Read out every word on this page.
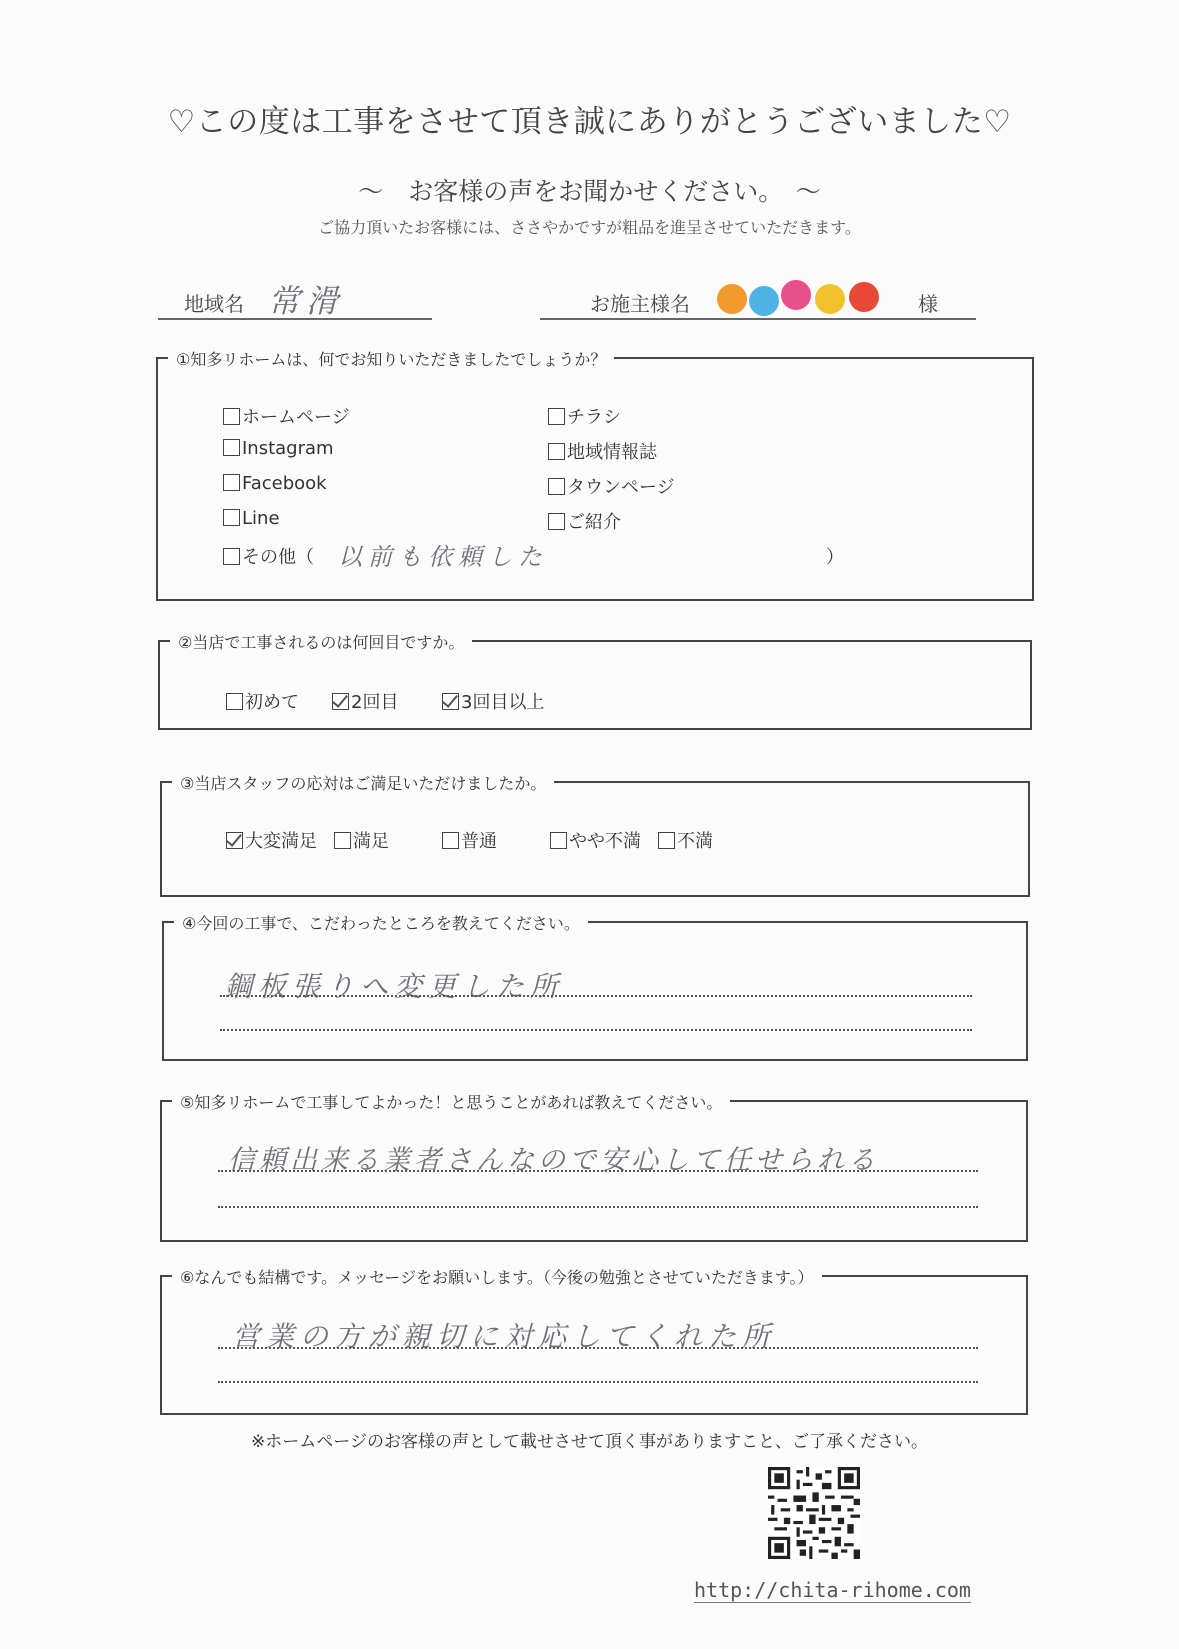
♡この度は工事をさせて頂き誠にありがとうございました♡
～　お客様の声をお聞かせください。　～
ご協力頂いたお客様には、ささやかですが粗品を進呈させていただきます。
地域名 常滑	お施主様名	様
①知多リホームは、何でお知りいただきましたでしょうか？
ホームページ
Instagram
Facebook
Line
チラシ
地域情報誌
タウンページ
ご紹介
その他（ 以前も依頼した	）
②当店で工事されるのは何回目ですか。
初めて	2回目	3回目以上
③当店スタッフの応対はご満足いただけましたか。
大変満足	満足	普通	やや不満	不満
④今回の工事で、こだわったところを教えてください。
鋼板張りへ変更した所
⑤知多リホームで工事してよかった！と思うことがあれば教えてください。
信頼出来る業者さんなので安心して任せられる
⑥なんでも結構です。メッセージをお願いします。（今後の勉強とさせていただきます。）
営業の方が親切に対応してくれた所
※ホームページのお客様の声として載せさせて頂く事がありますこと、ご了承ください。
http://chita-rihome.com
